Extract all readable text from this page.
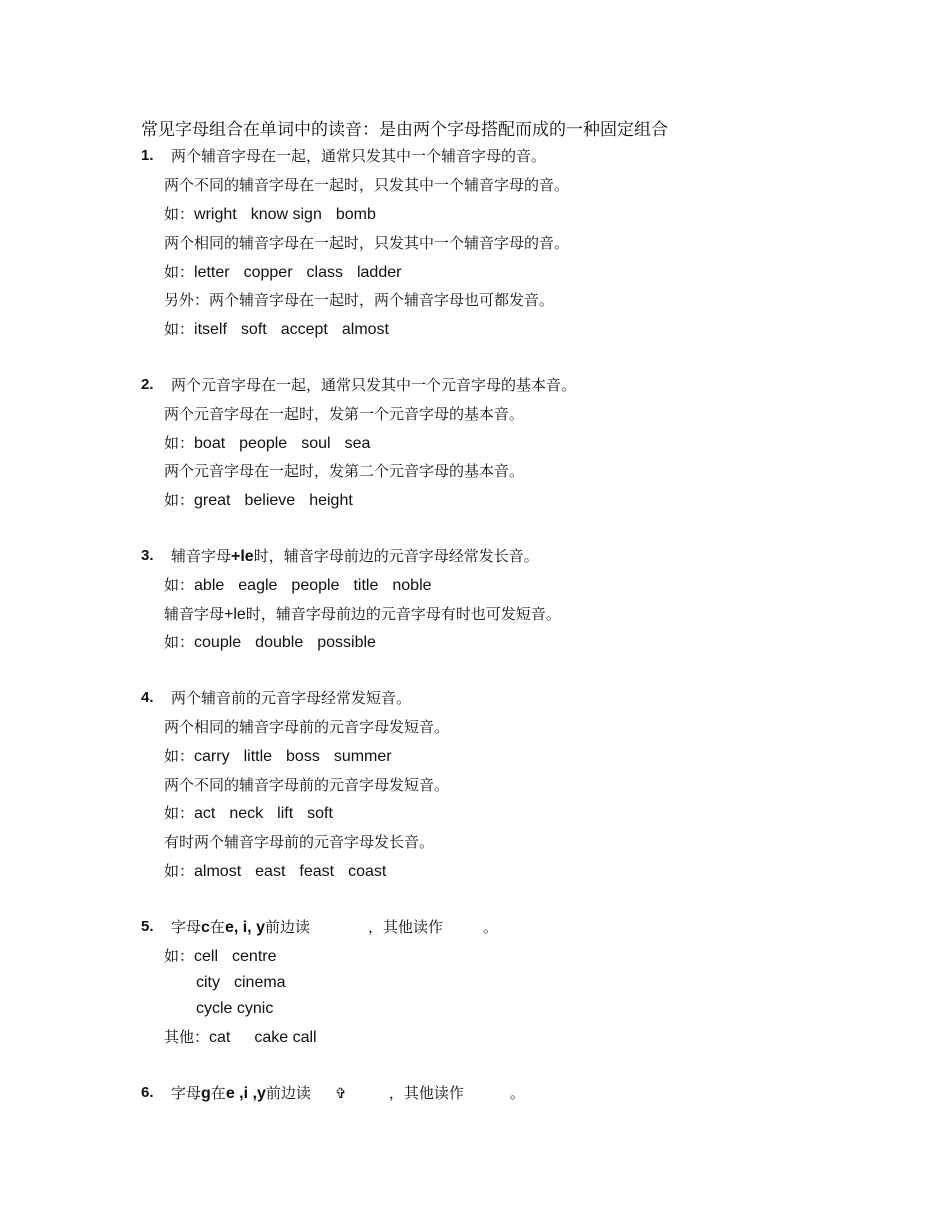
常见字母组合在单词中的读音：是由两个字母搭配而成的一种固定组合
1. 两个辅音字母在一起，通常只发其中一个辅音字母的音。
两个不同的辅音字母在一起时，只发其中一个辅音字母的音。
如：wright know sign bomb
两个相同的辅音字母在一起时，只发其中一个辅音字母的音。
如：letter copper class ladder
另外：两个辅音字母在一起时，两个辅音字母也可都发音。
如：itself soft accept almost
2. 两个元音字母在一起，通常只发其中一个元音字母的基本音。
两个元音字母在一起时，发第一个元音字母的基本音。
如：boat people soul sea
两个元音字母在一起时，发第二个元音字母的基本音。
如：great believe height
3. 辅音字母+le时，辅音字母前边的元音字母经常发长音。
如：able eagle people title noble
辅音字母+le时，辅音字母前边的元音字母有时也可发短音。
如：couple double possible
4. 两个辅音前的元音字母经常发短音。
两个相同的辅音字母前的元音字母发短音。
如：carry little boss summer
两个不同的辅音字母前的元音字母发短音。
如：act neck lift soft
有时两个辅音字母前的元音字母发长音。
如：almost east feast coast
5. 字母c在e, i, y前边读	，其他读作	。
如：cell centre
city cinema
cycle cynic
其他：cat cake call
6. 字母g在e ,i ,y前边读 ✞	，其他读作	。
